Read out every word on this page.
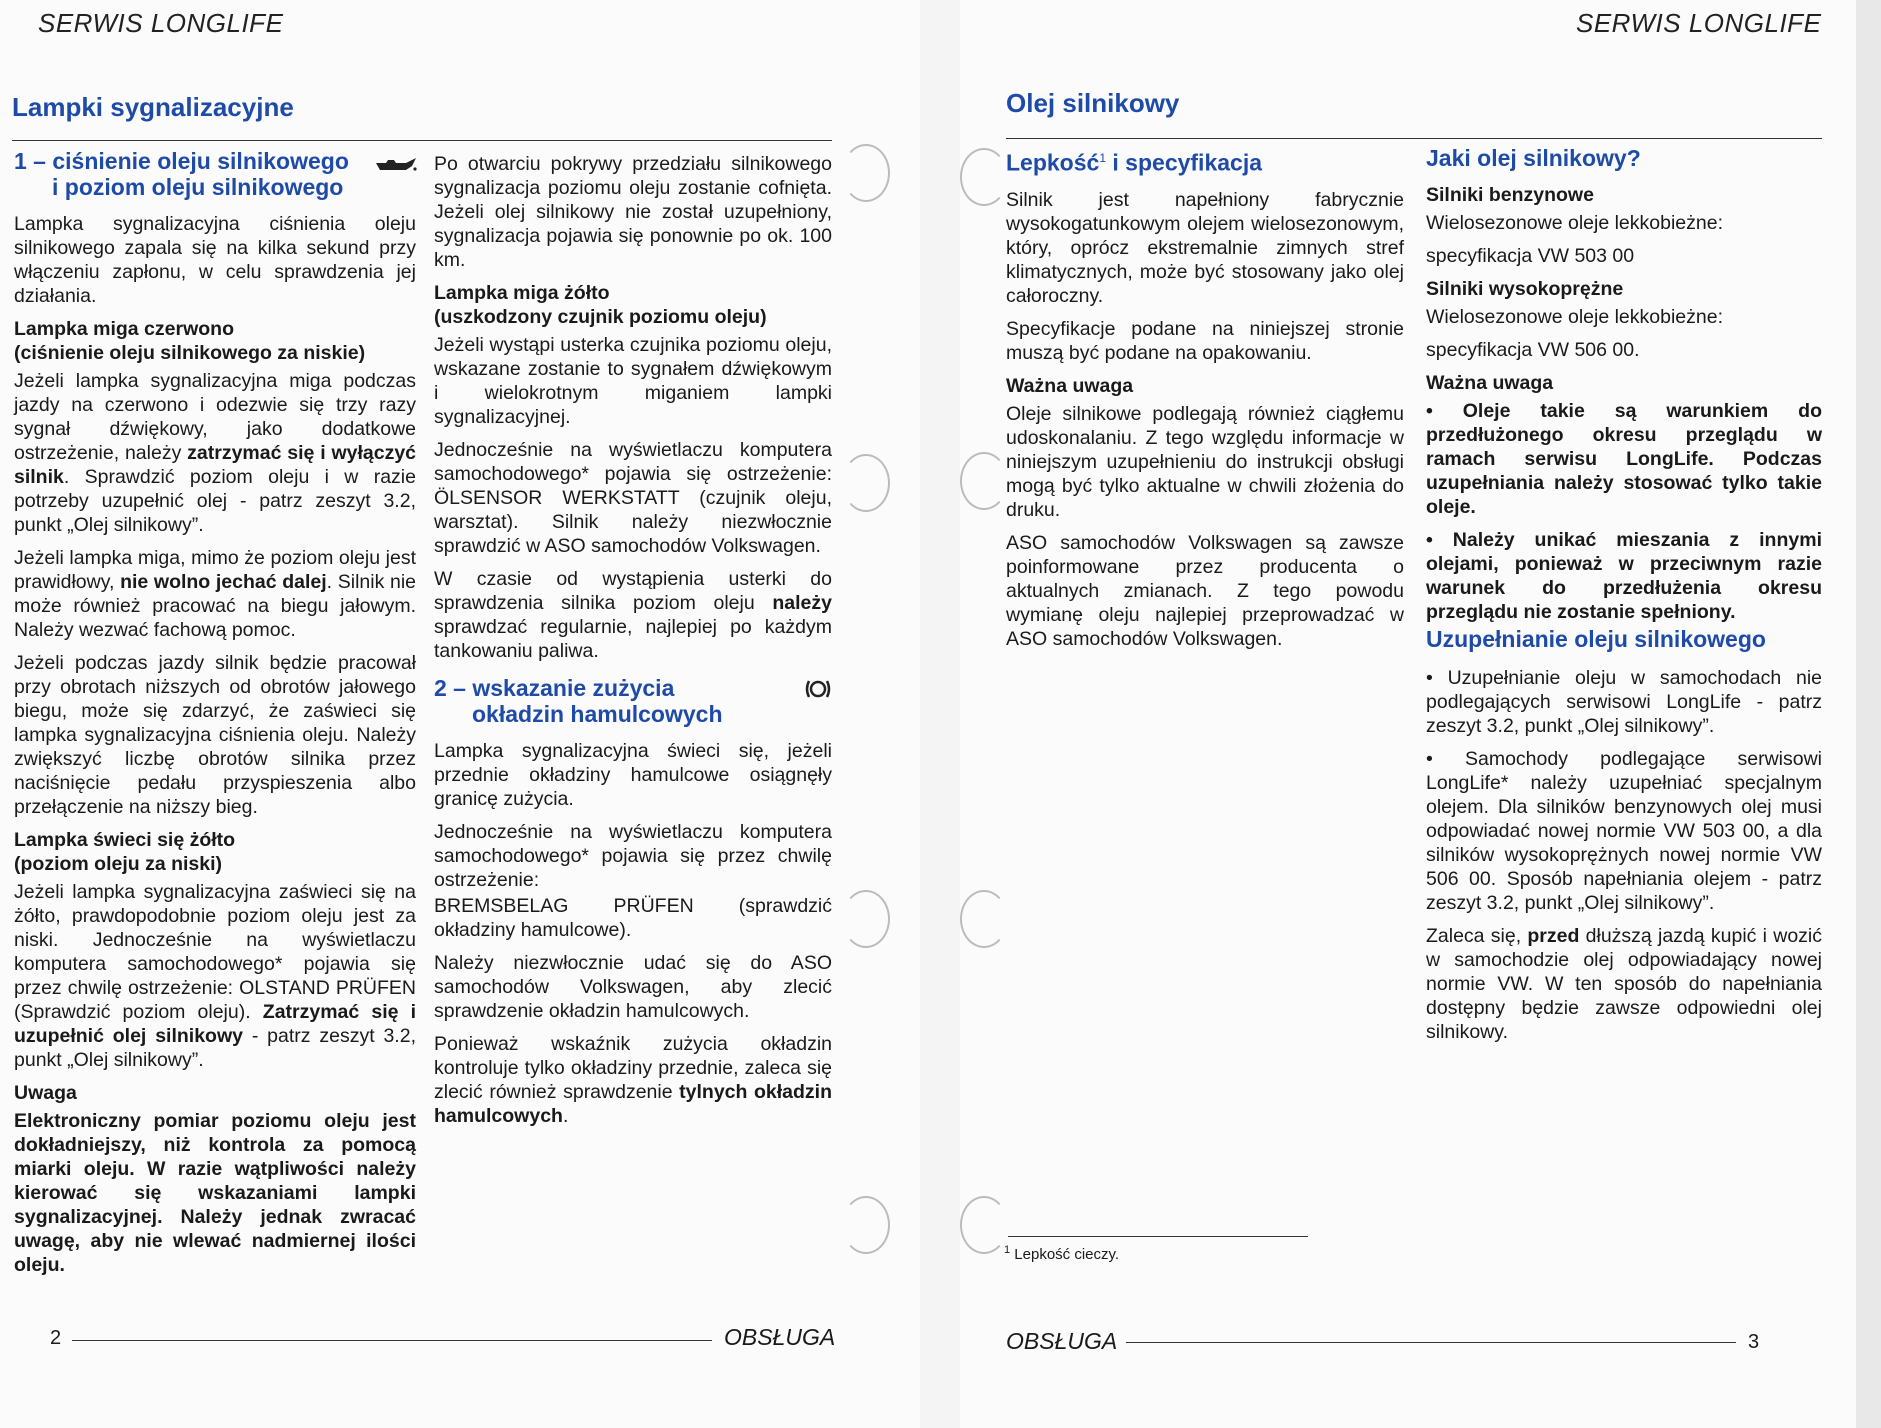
SERWIS LONGLIFE
Lampki sygnalizacyjne
1 – ciśnienie oleju silnikowego
i poziom oleju silnikowego

Lampka sygnalizacyjna ciśnienia oleju silnikowego zapala się na kilka sekund przy włączeniu zapłonu, w celu sprawdzenia jej działania.

Lampka miga czerwono
(ciśnienie oleju silnikowego za niskie)

Jeżeli lampka sygnalizacyjna miga podczas jazdy na czerwono i odezwie się trzy razy sygnał dźwiękowy, jako dodatkowe ostrzeżenie, należy zatrzymać się i wyłączyć silnik. Sprawdzić poziom oleju i w razie potrzeby uzupełnić olej - patrz zeszyt 3.2, punkt „Olej silnikowy”.

Jeżeli lampka miga, mimo że poziom oleju jest prawidłowy, nie wolno jechać dalej. Silnik nie może również pracować na biegu jałowym. Należy wezwać fachową pomoc.

Jeżeli podczas jazdy silnik będzie pracował przy obrotach niższych od obrotów jałowego biegu, może się zdarzyć, że zaświeci się lampka sygnalizacyjna ciśnienia oleju. Należy zwiększyć liczbę obrotów silnika przez naciśnięcie pedału przyspieszenia albo przełączenie na niższy bieg.

Lampka świeci się żółto
(poziom oleju za niski)

Jeżeli lampka sygnalizacyjna zaświeci się na żółto, prawdopodobnie poziom oleju jest za niski. Jednocześnie na wyświetlaczu komputera samochodowego* pojawia się przez chwilę ostrzeżenie: OLSTAND PRÜFEN (Sprawdzić poziom oleju). Zatrzymać się i uzupełnić olej silnikowy - patrz zeszyt 3.2, punkt „Olej silnikowy”.

Uwaga

Elektroniczny pomiar poziomu oleju jest dokładniejszy, niż kontrola za pomocą miarki oleju. W razie wątpliwości należy kierować się wskazaniami lampki sygnalizacyjnej. Należy jednak zwracać uwagę, aby nie wlewać nadmiernej ilości oleju.

Po otwarciu pokrywy przedziału silnikowego sygnalizacja poziomu oleju zostanie cofnięta. Jeżeli olej silnikowy nie został uzupełniony, sygnalizacja pojawia się ponownie po ok. 100 km.

Lampka miga żółto
(uszkodzony czujnik poziomu oleju)

Jeżeli wystąpi usterka czujnika poziomu oleju, wskazane zostanie to sygnałem dźwiękowym i wielokrotnym miganiem lampki sygnalizacyjnej.

Jednocześnie na wyświetlaczu komputera samochodowego* pojawia się ostrzeżenie: ÖLSENSOR WERKSTATT (czujnik oleju, warsztat). Silnik należy niezwłocznie sprawdzić w ASO samochodów Volkswagen.

W czasie od wystąpienia usterki do sprawdzenia silnika poziom oleju należy sprawdzać regularnie, najlepiej po każdym tankowaniu paliwa.

2 – wskazanie zużycia
okładzin hamulcowych

Lampka sygnalizacyjna świeci się, jeżeli przednie okładziny hamulcowe osiągnęły granicę zużycia.

Jednocześnie na wyświetlaczu komputera samochodowego* pojawia się przez chwilę ostrzeżenie:

BREMSBELAG PRÜFEN (sprawdzić okładziny hamulcowe).

Należy niezwłocznie udać się do ASO samochodów Volkswagen, aby zlecić sprawdzenie okładzin hamulcowych.

Ponieważ wskaźnik zużycia okładzin kontroluje tylko okładziny przednie, zaleca się zlecić również sprawdzenie tylnych okładzin hamulcowych.

2	OBSŁUGA
SERWIS LONGLIFE
Olej silnikowy
Lepkość$^1$ i specyfikacja

Silnik jest napełniony fabrycznie wysokogatunkowym olejem wielosezonowym, który, oprócz ekstremalnie zimnych stref klimatycznych, może być stosowany jako olej całoroczny.

Specyfikacje podane na niniejszej stronie muszą być podane na opakowaniu.

Ważna uwaga

Oleje silnikowe podlegają również ciągłemu udoskonalaniu. Z tego względu informacje w niniejszym uzupełnieniu do instrukcji obsługi mogą być tylko aktualne w chwili złożenia do druku.

ASO samochodów Volkswagen są zawsze poinformowane przez producenta o aktualnych zmianach. Z tego powodu wymianę oleju najlepiej przeprowadzać w ASO samochodów Volkswagen.

$^1$ Lepkość cieczy.
Jaki olej silnikowy?
Silniki benzynowe

Wielosezonowe oleje lekkobieżne:

specyfikacja VW 503 00

Silniki wysokoprężne

Wielosezonowe oleje lekkobieżne:

specyfikacja VW 506 00.

Ważna uwaga

• Oleje takie są warunkiem do przedłużonego okresu przeglądu w ramach serwisu LongLife. Podczas uzupełniania należy stosować tylko takie oleje.

• Należy unikać mieszania z innymi olejami, ponieważ w przeciwnym razie warunek do przedłużenia okresu przeglądu nie zostanie spełniony.

Uzupełnianie oleju silnikowego

• Uzupełnianie oleju w samochodach nie podlegających serwisowi LongLife - patrz zeszyt 3.2, punkt „Olej silnikowy”.

• Samochody podlegające serwisowi LongLife* należy uzupełniać specjalnym olejem. Dla silników benzynowych olej musi odpowiadać nowej normie VW 503 00, a dla silników wysokoprężnych nowej normie VW 506 00. Sposób napełniania olejem - patrz zeszyt 3.2, punkt „Olej silnikowy”.

Zaleca się, przed dłuższą jazdą kupić i wozić w samochodzie olej odpowiadający nowej normie VW. W ten sposób do napełniania dostępny będzie zawsze odpowiedni olej silnikowy.

OBSŁUGA	3
